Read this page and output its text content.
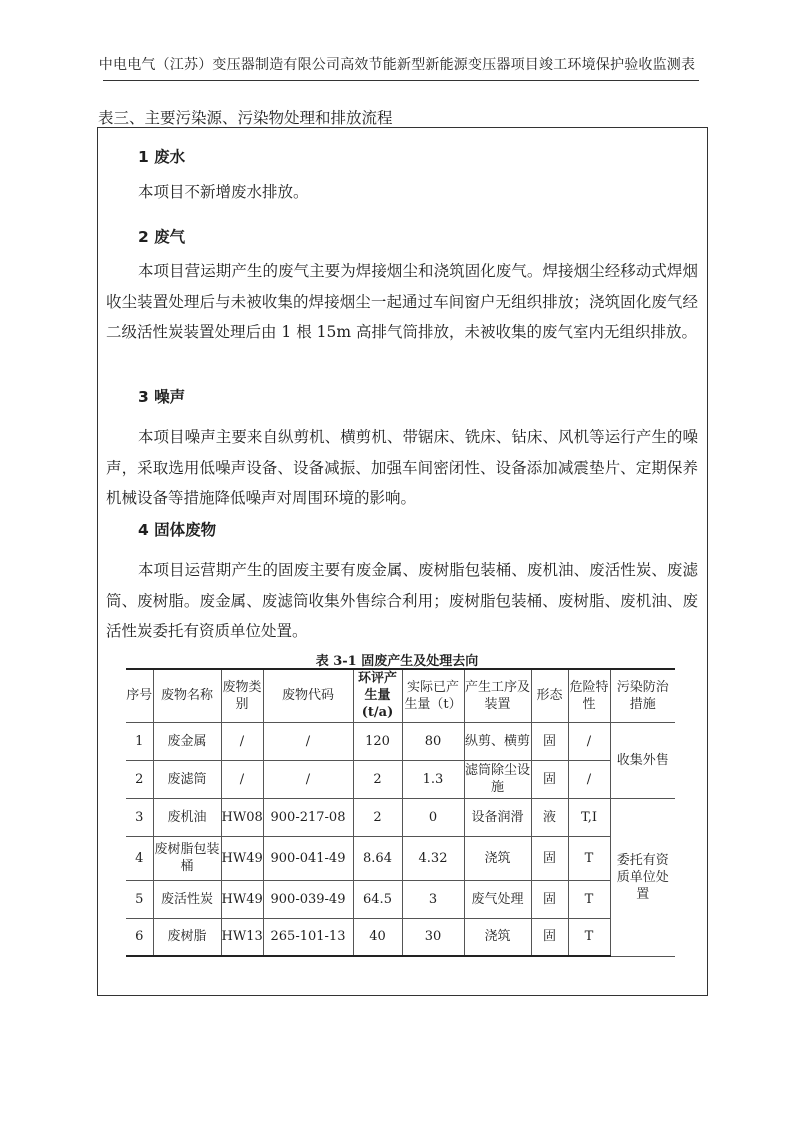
中电电气（江苏）变压器制造有限公司高效节能新型新能源变压器项目竣工环境保护验收监测表
表三、主要污染源、污染物处理和排放流程
1 废水

本项目不新增废水排放。

2 废气

本项目营运期产生的废气主要为焊接烟尘和浇筑固化废气。焊接烟尘经移动式焊烟收尘装置处理后与未被收集的焊接烟尘一起通过车间窗户无组织排放；浇筑固化废气经二级活性炭装置处理后由 1 根 15m 高排气筒排放，未被收集的废气室内无组织排放。

3 噪声

本项目噪声主要来自纵剪机、横剪机、带锯床、铣床、钻床、风机等运行产生的噪声，采取选用低噪声设备、设备减振、加强车间密闭性、设备添加减震垫片、定期保养机械设备等措施降低噪声对周围环境的影响。

4 固体废物

本项目运营期产生的固废主要有废金属、废树脂包装桶、废机油、废活性炭、废滤筒、废树脂。废金属、废滤筒收集外售综合利用；废树脂包装桶、废树脂、废机油、废活性炭委托有资质单位处置。

表 3-1 固废产生及处理去向
序号	废物名称	废物类别	废物代码	环评产生量(t/a)	实际已产生量（t）	产生工序及装置	形态	危险特性	污染防治措施
1	废金属	/	/	120	80	纵剪、横剪	固	/	收集外售
2	废滤筒	/	/	2	1.3	滤筒除尘设施	固	/	
3	废机油	HW08	900-217-08	2	0	设备润滑	液	T,I	委托有资质单位处置
4	废树脂包装桶	HW49	900-041-49	8.64	4.32	浇筑	固	T	
5	废活性炭	HW49	900-039-49	64.5	3	废气处理	固	T	
6	废树脂	HW13	265-101-13	40	30	浇筑	固	T	
